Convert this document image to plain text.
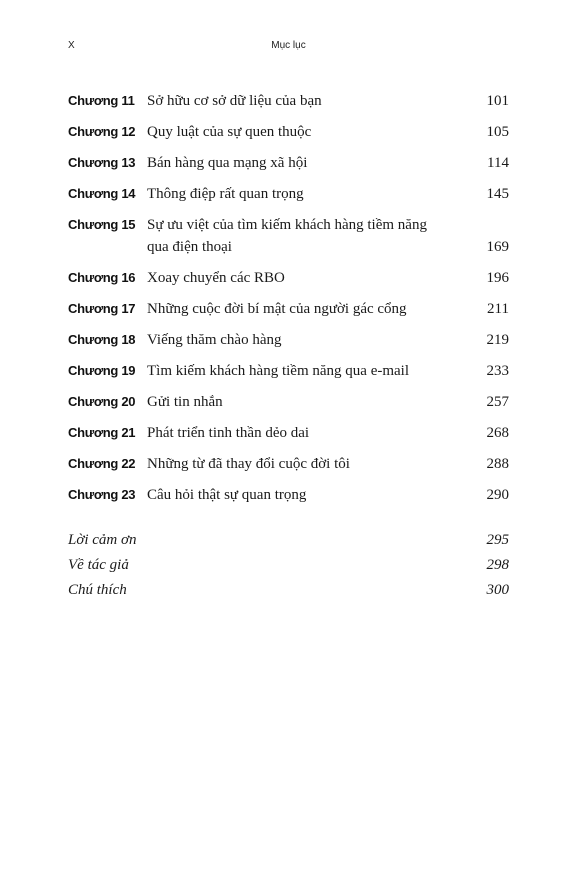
X	Mục lục
Chương 11 Sở hữu cơ sở dữ liệu của bạn	101
Chương 12 Quy luật của sự quen thuộc	105
Chương 13 Bán hàng qua mạng xã hội	114
Chương 14 Thông điệp rất quan trọng	145
Chương 15 Sự ưu việt của tìm kiếm khách hàng tiềm năng
qua điện thoại	169
Chương 16 Xoay chuyển các RBO	196
Chương 17 Những cuộc đời bí mật của người gác cổng	211
Chương 18 Viếng thăm chào hàng	219
Chương 19 Tìm kiếm khách hàng tiềm năng qua e-mail	233
Chương 20 Gửi tin nhắn	257
Chương 21 Phát triển tinh thần dẻo dai	268
Chương 22 Những từ đã thay đổi cuộc đời tôi	288
Chương 23 Câu hỏi thật sự quan trọng	290
Lời cảm ơn	295
Về tác giả	298
Chú thích	300
